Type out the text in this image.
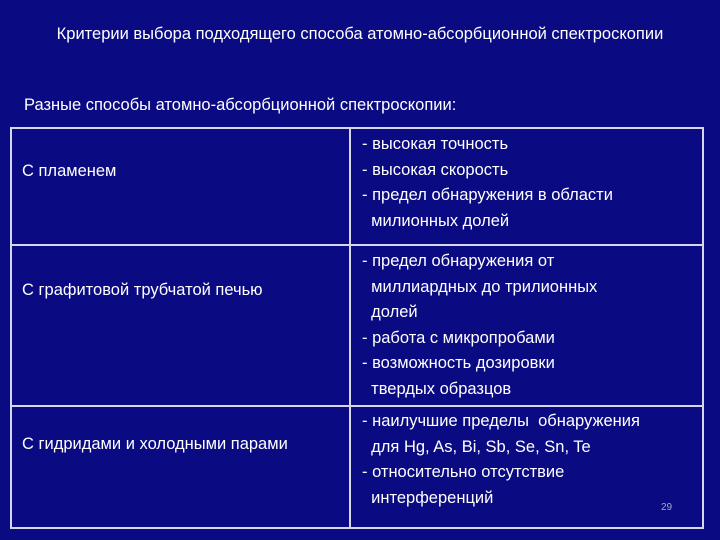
Критерии выбора подходящего способа атомно-абсорбционной спектроскопии
Разные способы атомно-абсорбционной спектроскопии:
С пламенем
- высокая точность
- высокая скорость
- предел обнаружения в области
милионных долей
С графитовой трубчатой печью
- предел обнаружения от
миллиардных до трилионных
долей
- работа с микропробами
- возможность дозировки
твердых образцов
С гидридами и холодными парами
- наилучшие пределы  обнаружения
для Hg, As, Bi, Sb, Se, Sn, Te
- относительно отсутствие
интерференций
29
